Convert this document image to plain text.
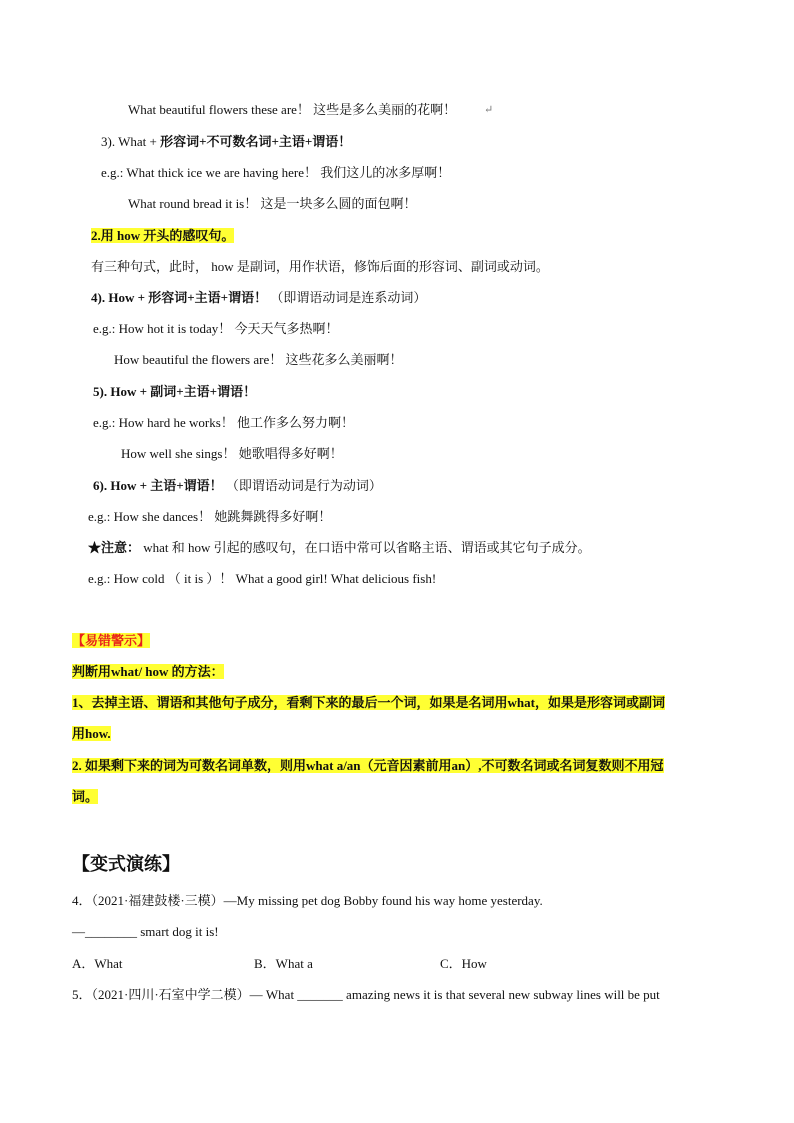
What beautiful flowers these are！ 这些是多么美丽的花啊！	↵
3). What + 形容词+不可数名词+主语+谓语！
e.g.: What thick ice we are having here！ 我们这儿的冰多厚啊！
What round bread it is！ 这是一块多么圆的面包啊！
2.用 how 开头的感叹句。
有三种句式，此时， how 是副词，用作状语，修饰后面的形容词、副词或动词。
4). How + 形容词+主语+谓语！ （即谓语动词是连系动词）
e.g.: How hot it is today！ 今天天气多热啊！
How beautiful the flowers are！ 这些花多么美丽啊！
5). How + 副词+主语+谓语！
e.g.: How hard he works！ 他工作多么努力啊！
How well she sings！ 她歌唱得多好啊！
6). How + 主语+谓语！ （即谓语动词是行为动词）
e.g.: How she dances！ 她跳舞跳得多好啊！
★注意： what 和 how 引起的感叹句，在口语中常可以省略主语、谓语或其它句子成分。
e.g.: How cold （ it is ）！ What a good girl! What delicious fish!
【易错警示】
判断用what/ how 的方法：
1、去掉主语、谓语和其他句子成分，看剩下来的最后一个词，如果是名词用what，如果是形容词或副词
用how.
2. 如果剩下来的词为可数名词单数，则用what a/an（元音因素前用an）,不可数名词或名词复数则不用冠
词。
【变式演练】
4．（2021·福建鼓楼·三模）—My missing pet dog Bobby found his way home yesterday.
—________ smart dog it is!
A．What	B．What a	C．How
5．（2021·四川·石室中学二模）— What _______ amazing news it is that several new subway lines will be put
